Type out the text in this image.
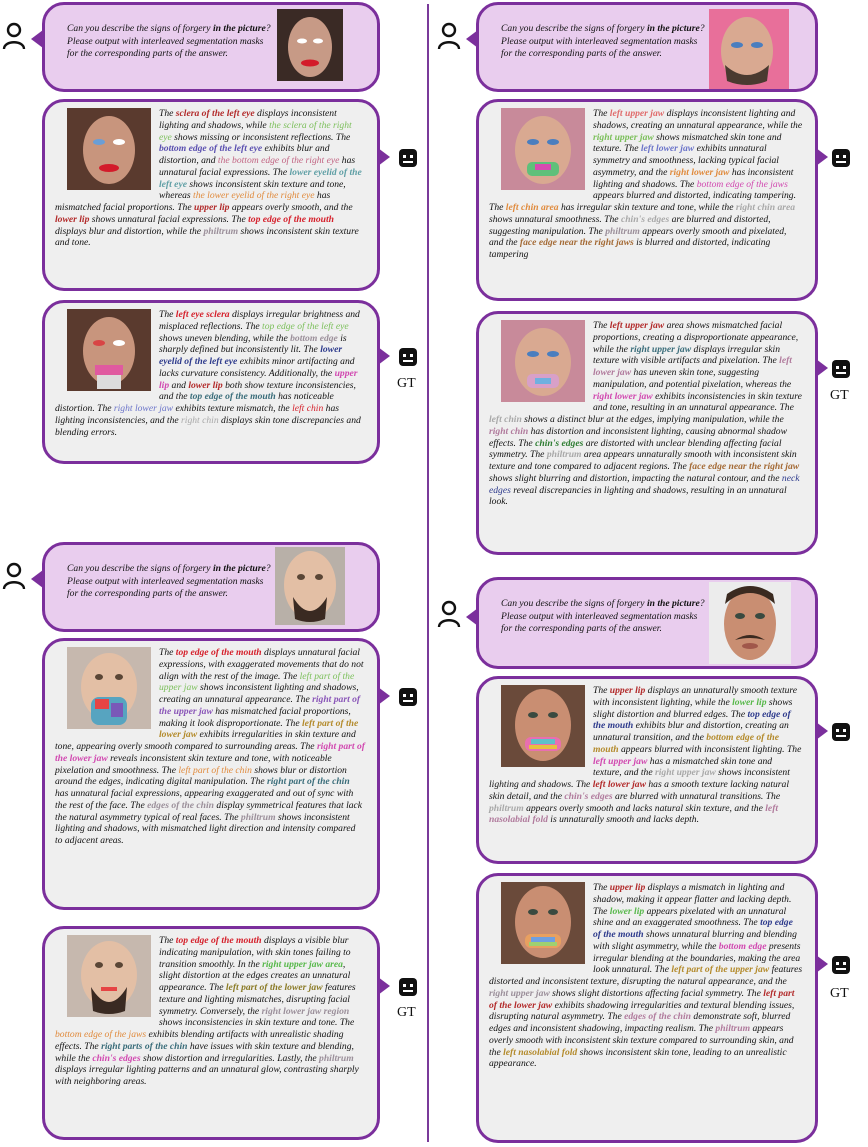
Can you describe the signs of forgery in the picture? Please output with interleaved segmentation masks for the corresponding parts of the answer.

The sclera of the left eye displays inconsistent lighting and shadows, while the sclera of the right eye shows missing or inconsistent reflections. The bottom edge of the left eye exhibits blur and distortion, and the bottom edge of the right eye has unnatural facial expressions. The lower eyelid of the left eye shows inconsistent skin texture and tone, whereas the lower eyelid of the right eye has mismatched facial proportions. The upper lip appears overly smooth, and the lower lip shows unnatural facial expressions. The top edge of the mouth displays blur and distortion, while the philtrum shows inconsistent skin texture and tone.

The left eye sclera displays irregular brightness and misplaced reflections. The top edge of the left eye shows uneven blending, while the bottom edge is sharply defined but inconsistently lit. The lower eyelid of the left eye exhibits minor artifacting and lacks curvature consistency. Additionally, the upper lip and lower lip both show texture inconsistencies, and the top edge of the mouth has noticeable distortion. The right lower jaw exhibits texture mismatch, the left chin has lighting inconsistencies, and the right chin displays skin tone discrepancies and blending errors.

GT

Can you describe the signs of forgery in the picture? Please output with interleaved segmentation masks for the corresponding parts of the answer.

The left upper jaw displays inconsistent lighting and shadows, creating an unnatural appearance, while the right upper jaw shows mismatched skin tone and texture. The left lower jaw exhibits unnatural symmetry and smoothness, lacking typical facial asymmetry, and the right lower jaw has inconsistent lighting and shadows. The bottom edge of the jaws appears blurred and distorted, indicating tampering. The left chin area has irregular skin texture and tone, while the right chin area shows unnatural smoothness. The chin's edges are blurred and distorted, suggesting manipulation. The philtrum appears overly smooth and pixelated, and the face edge near the right jaws is blurred and distorted, indicating tampering

The left upper jaw area shows mismatched facial proportions, creating a disproportionate appearance, while the right upper jaw displays irregular skin texture with visible artifacts and pixelation. The left lower jaw has uneven skin tone, suggesting manipulation, and potential pixelation, whereas the right lower jaw exhibits inconsistencies in skin texture and tone, resulting in an unnatural appearance. The left chin shows a distinct blur at the edges, implying manipulation, while the right chin has distortion and inconsistent lighting, causing abnormal shadow effects. The chin's edges are distorted with unclear blending affecting facial symmetry. The philtrum area appears unnaturally smooth with inconsistent skin texture and tone compared to adjacent regions. The face edge near the right jaw shows slight blurring and distortion, impacting the natural contour, and the neck edges reveal discrepancies in lighting and shadows, resulting in an unnatural look.

GT

Can you describe the signs of forgery in the picture? Please output with interleaved segmentation masks for the corresponding parts of the answer.

The top edge of the mouth displays unnatural facial expressions, with exaggerated movements that do not align with the rest of the image. The left part of the upper jaw shows inconsistent lighting and shadows, creating an unnatural appearance. The right part of the upper jaw has mismatched facial proportions, making it look disproportionate. The left part of the lower jaw exhibits irregularities in skin texture and tone, appearing overly smooth compared to surrounding areas. The right part of the lower jaw reveals inconsistent skin texture and tone, with noticeable pixelation and smoothness. The left part of the chin shows blur or distortion around the edges, indicating digital manipulation. The right part of the chin has unnatural facial expressions, appearing exaggerated and out of sync with the rest of the face. The edges of the chin display symmetrical features that lack the natural asymmetry typical of real faces. The philtrum shows inconsistent lighting and shadows, with mismatched light direction and intensity compared to adjacent areas.

The top edge of the mouth displays a visible blur indicating manipulation, with skin tones failing to transition smoothly. In the right upper jaw area, slight distortion at the edges creates an unnatural appearance. The left part of the lower jaw features texture and lighting mismatches, disrupting facial symmetry. Conversely, the right lower jaw region shows inconsistencies in skin texture and tone. The bottom edge of the jaws exhibits blending artifacts with unrealistic shading effects. The right parts of the chin have issues with skin texture and blending, while the chin's edges show distortion and irregularities. Lastly, the philtrum displays irregular lighting patterns and an unnatural glow, contrasting sharply with neighboring areas.

GT

Can you describe the signs of forgery in the picture? Please output with interleaved segmentation masks for the corresponding parts of the answer.

The upper lip displays an unnaturally smooth texture with inconsistent lighting, while the lower lip shows slight distortion and blurred edges. The top edge of the mouth exhibits blur and distortion, creating an unnatural transition, and the bottom edge of the mouth appears blurred with inconsistent lighting. The left upper jaw has a mismatched skin tone and texture, and the right upper jaw shows inconsistent lighting and shadows. The left lower jaw has a smooth texture lacking natural skin detail, and the chin's edges are blurred with unnatural transitions. The philtrum appears overly smooth and lacks natural skin texture, and the left nasolabial fold is unnaturally smooth and lacks depth.

The upper lip displays a mismatch in lighting and shadow, making it appear flatter and lacking depth. The lower lip appears pixelated with an unnatural shine and an exaggerated smoothness. The top edge of the mouth shows unnatural blurring and blending with slight asymmetry, while the bottom edge presents irregular blending at the boundaries, making the area look unnatural. The left part of the upper jaw features distorted and inconsistent texture, disrupting the natural appearance, and the right upper jaw shows slight distortions affecting facial symmetry. The left part of the lower jaw exhibits shadowing irregularities and textural blending issues, disrupting natural asymmetry. The edges of the chin demonstrate soft, blurred edges and inconsistent shadowing, impacting realism. The philtrum appears overly smooth with inconsistent skin texture compared to surrounding skin, and the left nasolabial fold shows inconsistent skin tone, leading to an unrealistic appearance.

GT
